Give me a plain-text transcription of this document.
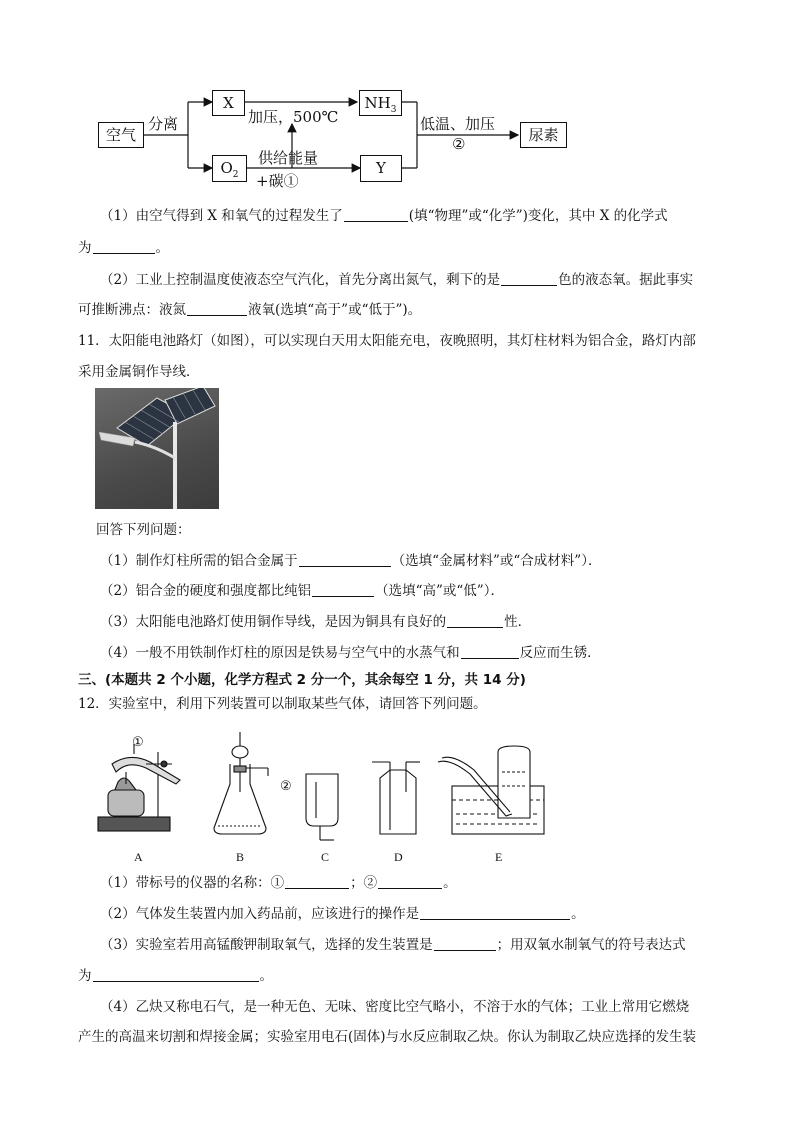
空气
分离
X
$O_2$
加压，500℃
$NH_3$
供给能量
+碳①
Y
低温、加压
②	尿素
（1）由空气得到 X 和氧气的过程发生了	(填“物理”或“化学”)变化，其中 X 的化学式
为	。
（2）工业上控制温度使液态空气汽化，首先分离出氮气，剩下的是	色的液态氧。据此事实
可推断沸点：液氮	液氧(选填“高于”或“低于”)。
11．太阳能电池路灯（如图），可以实现白天用太阳能充电，夜晚照明，其灯柱材料为铝合金，路灯内部
采用金属铜作导线．
回答下列问题：
（1）制作灯柱所需的铝合金属于	（选填“金属材料”或“合成材料”）．
（2）铝合金的硬度和强度都比纯铝	（选填“高”或“低”）．
（3）太阳能电池路灯使用铜作导线，是因为铜具有良好的	性．
（4）一般不用铁制作灯柱的原因是铁易与空气中的水蒸气和	反应而生锈．
三、(本题共 2 个小题，化学方程式 2 分一个，其余每空 1 分，共 14 分)
12．实验室中，利用下列装置可以制取某些气体，请回答下列问题。
A	B	C	D	E
①
②
（1）带标号的仪器的名称：①	；②	。
（2）气体发生装置内加入药品前，应该进行的操作是	。
（3）实验室若用高锰酸钾制取氧气，选择的发生装置是	；用双氧水制氧气的符号表达式
为	。
（4）乙炔又称电石气，是一种无色、无味、密度比空气略小，不溶于水的气体；工业上常用它燃烧
产生的高温来切割和焊接金属；实验室用电石(固体)与水反应制取乙炔。你认为制取乙炔应选择的发生装
